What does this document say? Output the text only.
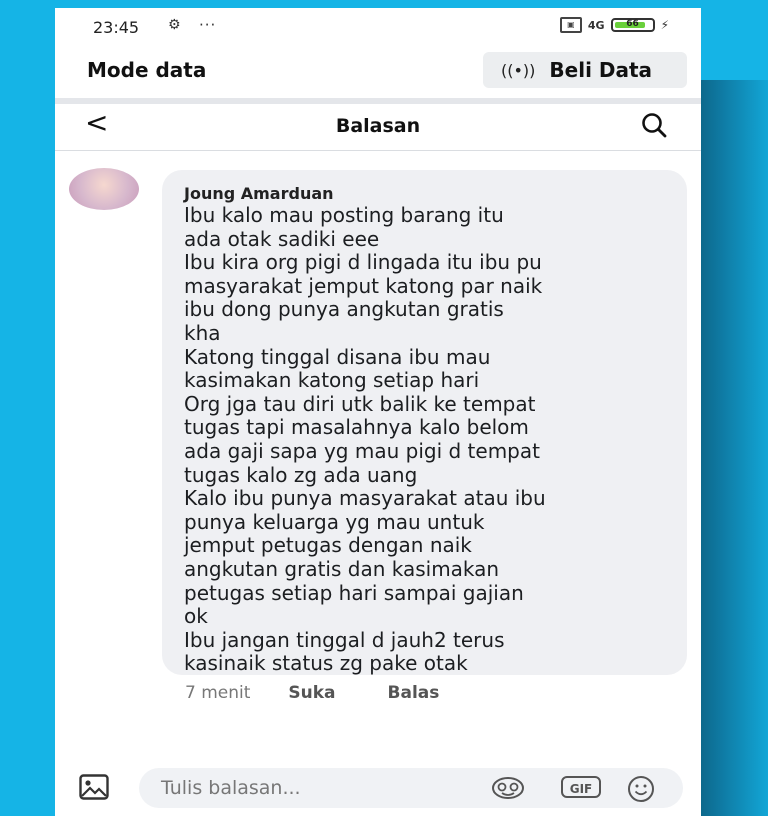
23:45 ⚙ ···	▣	4G	66	⚡
Mode data	((•)) Beli Data
<	Balasan
Joung Amarduan
Ibu kalo mau posting barang itu
ada otak sadiki eee
Ibu kira org pigi d lingada itu ibu pu
masyarakat jemput katong par naik
ibu dong punya angkutan gratis
kha
Katong tinggal disana ibu mau
kasimakan katong setiap hari
Org jga tau diri utk balik ke tempat
tugas tapi masalahnya kalo belom
ada gaji sapa yg mau pigi d tempat
tugas kalo zg ada uang
Kalo ibu punya masyarakat atau ibu
punya keluarga yg mau untuk
jemput petugas dengan naik
angkutan gratis dan kasimakan
petugas setiap hari sampai gajian
ok
Ibu jangan tinggal d jauh2 terus
kasinaik status zg pake otak
7 menit Suka	Balas
Tulis balasan...	GIF
